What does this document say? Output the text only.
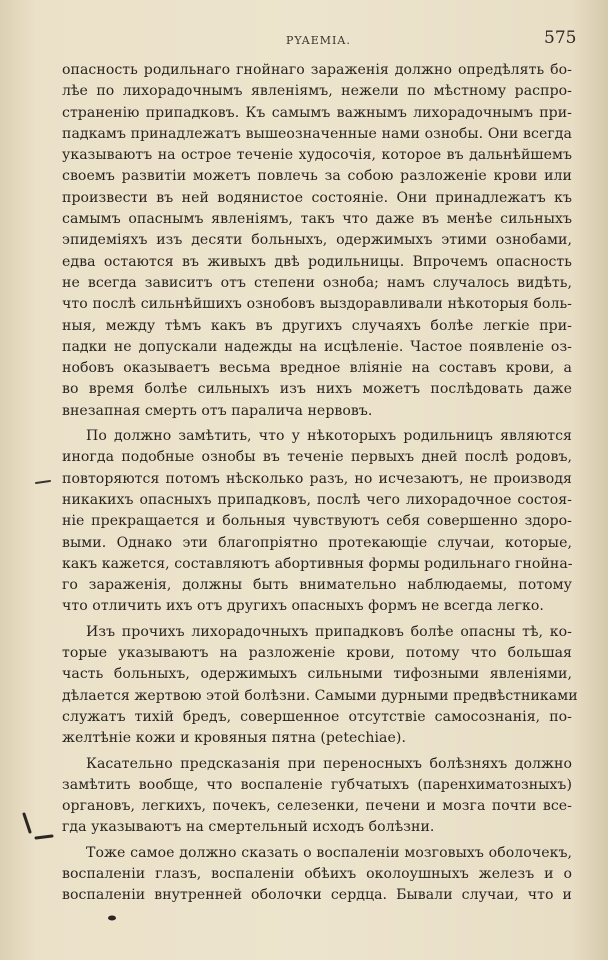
PYAEMIA.	575
опасность родильнаго гнойнаго зараженія должно опредѣлять бо-
лѣе по лихорадочнымъ явленіямъ, нежели по мѣстному распро-
страненію припадковъ. Къ самымъ важнымъ лихорадочнымъ при-
падкамъ принадлежатъ вышеозначенные нами ознобы. Они всегда
указываютъ на острое течeніе худосочія, которое въ дальнѣйшемъ
своемъ развитіи можетъ повлечь за собою разложеніе крови или
произвести въ ней водянистое состояніе. Они принадлежатъ къ
самымъ опаснымъ явленіямъ, такъ что даже въ менѣе сильныхъ
эпидеміяхъ изъ десяти больныхъ, одержимыхъ этими ознобами,
едва остаются въ живыхъ двѣ родильницы. Впрочемъ опасность
не всегда зависитъ отъ степени озноба; намъ случалось видѣть,
что послѣ сильнѣйшихъ ознобовъ выздоравливали нѣкоторыя боль-
ныя, между тѣмъ какъ въ другихъ случаяхъ болѣе легкіе при-
падки не допускали надежды на исцѣленіе. Частое появленіе оз-
нобовъ оказываетъ весьма вредное вліяніе на составъ крови, а
во время болѣе сильныхъ изъ нихъ можетъ послѣдовать даже
внезапная смерть отъ паралича нервовъ.
По должно замѣтить, что у нѣкоторыхъ родильницъ являются
иногда подобные ознобы въ теченіе первыхъ дней послѣ родовъ,
повторяются потомъ нѣсколько разъ, но исчезаютъ, не производя
никакихъ опасныхъ припадковъ, послѣ чего лихорадочное состоя-
ніе прекращается и больныя чувствуютъ себя совершенно здоро-
выми. Однако эти благопріятно протекающіе случаи, которые,
какъ кажется, составляютъ абортивныя формы родильнаго гнойна-
го зараженія, должны быть внимательно наблюдаемы, потому
что отличить ихъ отъ другихъ опасныхъ формъ не всегда легко.
Изъ прочихъ лихорадочныхъ припадковъ болѣе опасны тѣ, ко-
торые указываютъ на разложеніе крови, потому что большая
часть больныхъ, одержимыхъ сильными тифозными явленіями,
дѣлается жертвою этой болѣзни. Самыми дурными предвѣстниками
служатъ тихій бредъ, совершенное отсутствіе самосознанія, по-
желтѣніе кожи и кровяныя пятна (petechiae).
Касательно предсказанія при переносныхъ болѣзняхъ должно
замѣтить вообще, что воспаленіе губчатыхъ (паренхиматозныхъ)
органовъ, легкихъ, почекъ, селезенки, печени и мозга почти все-
гда указываютъ на смертельный исходъ болѣзни.
Тоже самое должно сказать о воспаленіи мозговыхъ оболочекъ,
воспаленіи глазъ, воспаленіи обѣихъ околоушныхъ железъ и о
воспаленіи внутренней оболочки сердца. Бывали случаи, что и
